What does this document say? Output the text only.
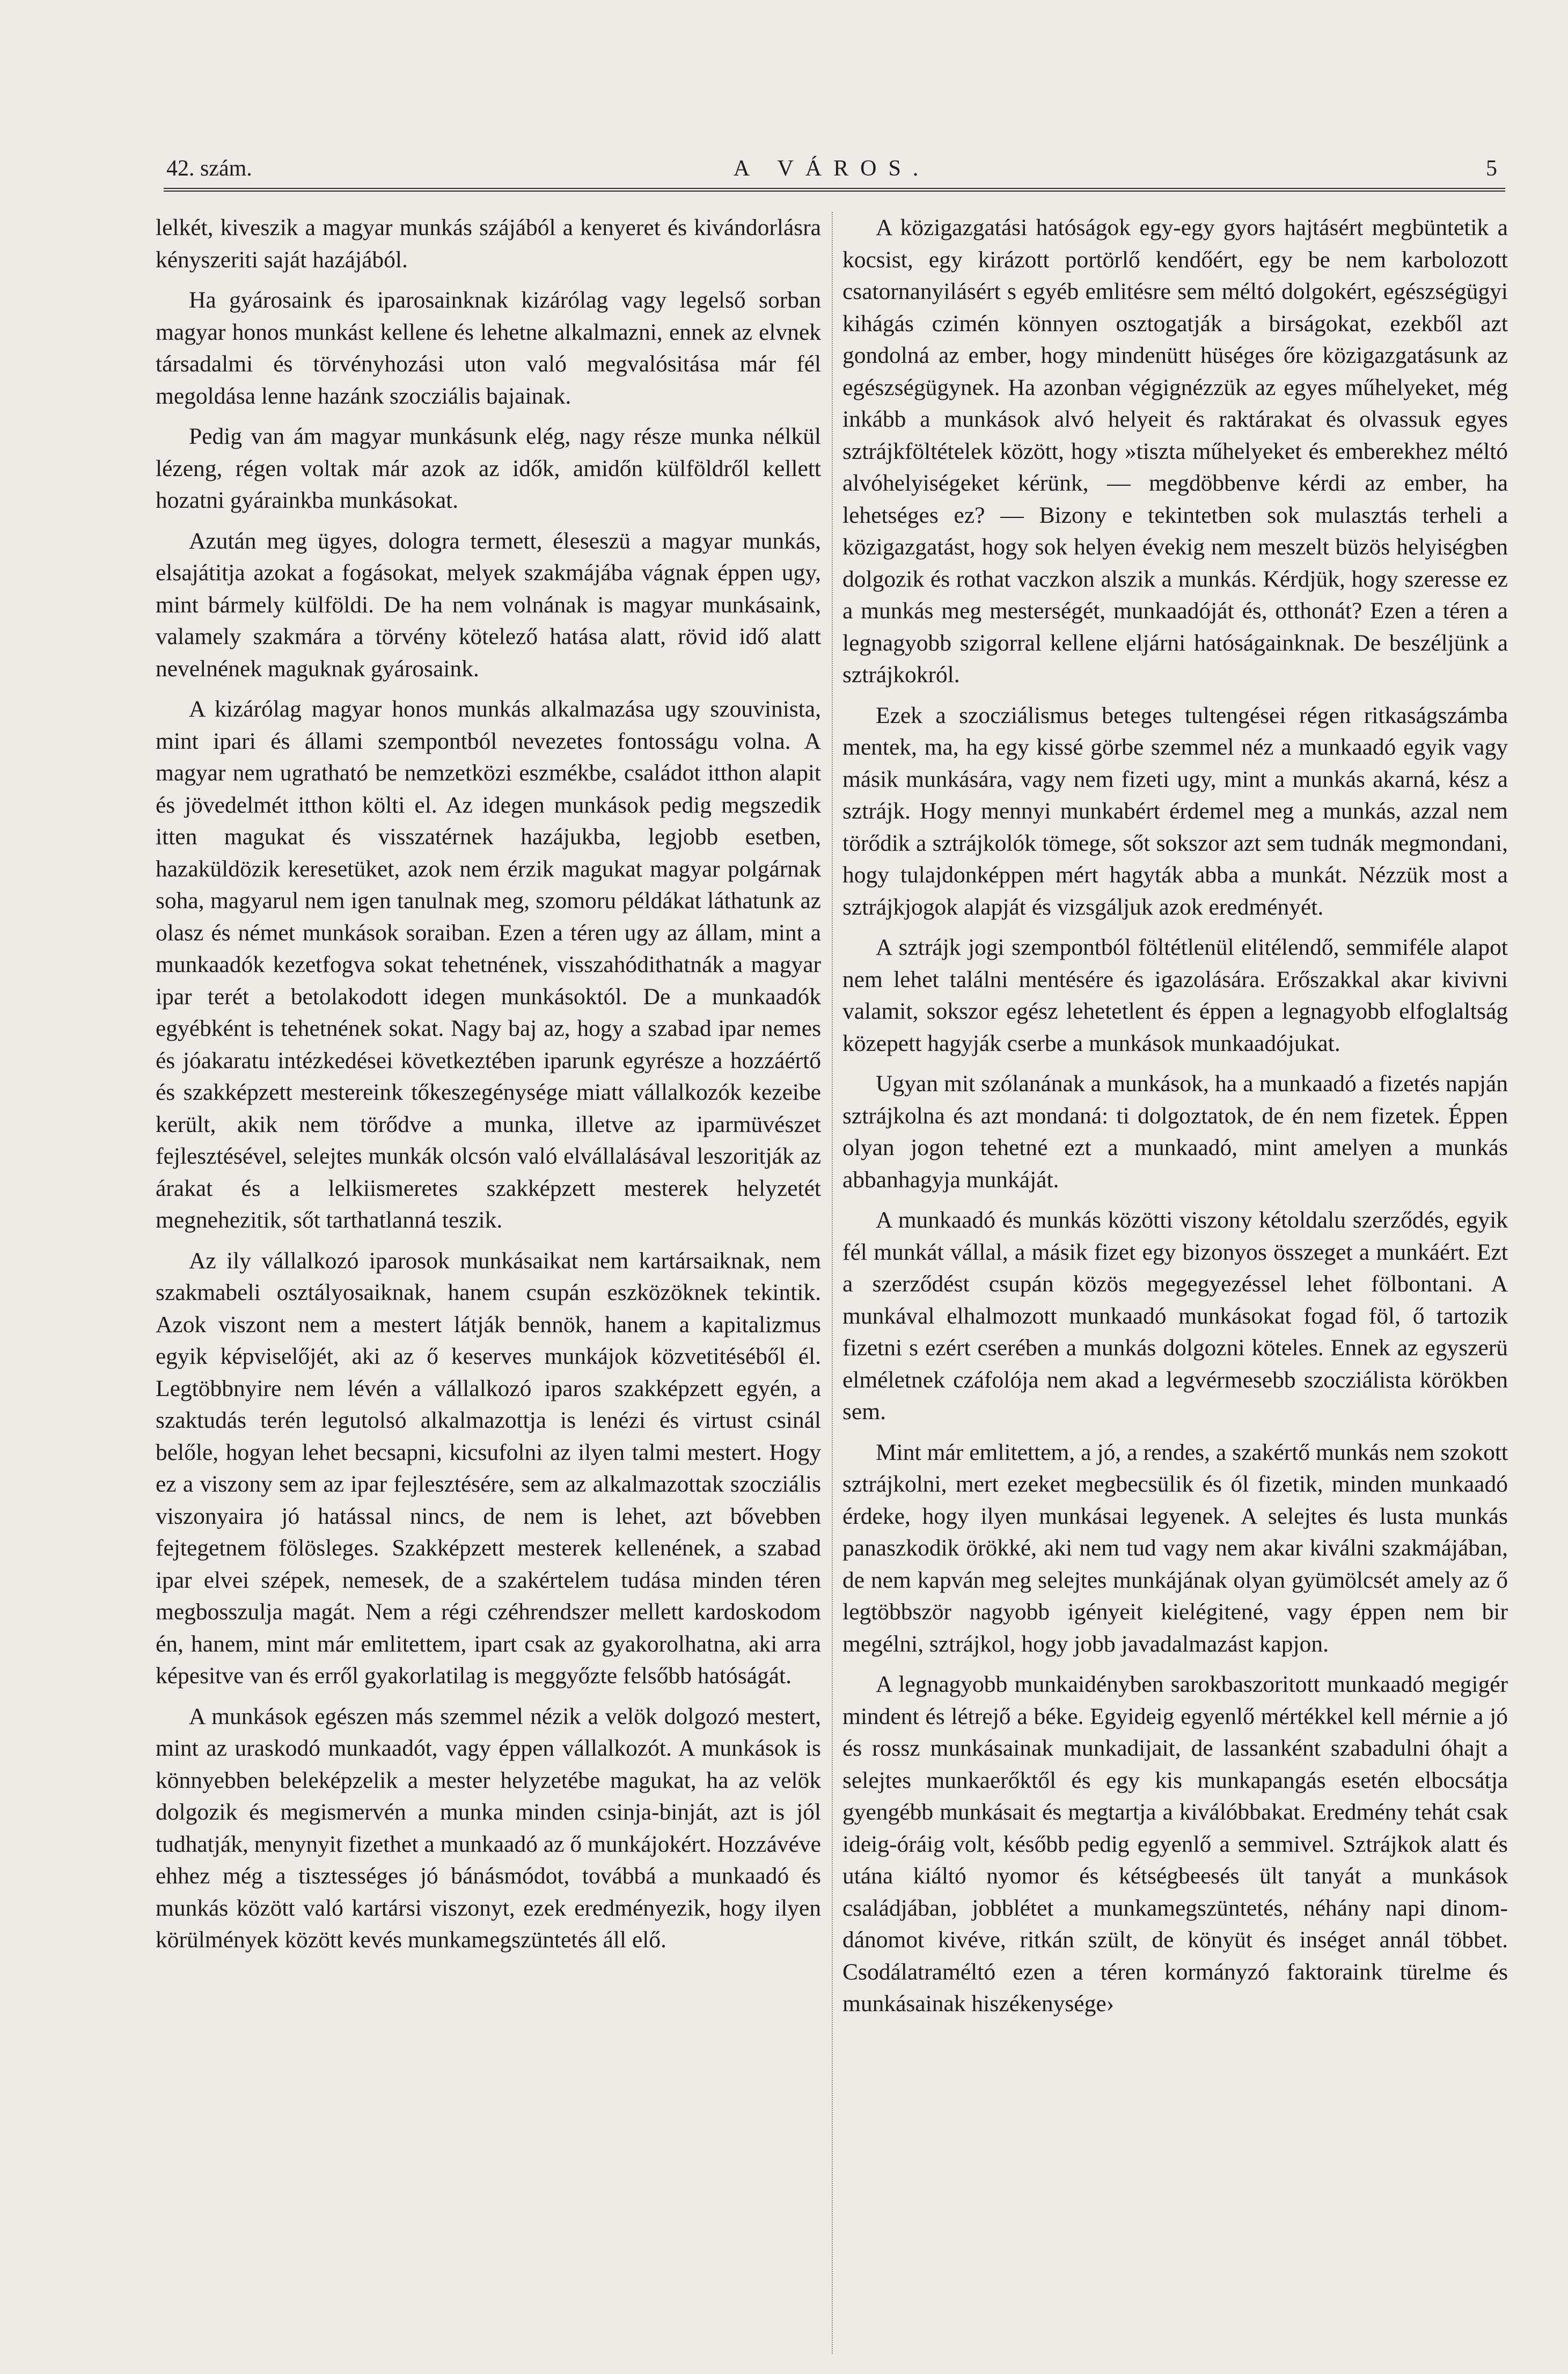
42. szám.	A VÁROS.	5

lelkét, kiveszik a magyar munkás szájából a kenyeret és kivándorlásra kényszeriti saját hazájából.

Ha gyárosaink és iparosainknak kizárólag vagy legelső sorban magyar honos munkást kellene és lehetne alkalmazni, ennek az elvnek társadalmi és törvényhozási uton való megvalósitása már fél megoldása lenne hazánk szocziális bajainak.

Pedig van ám magyar munkásunk elég, nagy része munka nélkül lézeng, régen voltak már azok az idők, amidőn külföldről kellett hozatni gyárainkba munkásokat.

Azután meg ügyes, dologra termett, éleseszü a magyar munkás, elsajátitja azokat a fogásokat, melyek szakmájába vágnak éppen ugy, mint bármely külföldi. De ha nem volnának is magyar munkásaink, valamely szakmára a törvény kötelező hatása alatt, rövid idő alatt nevelnének maguknak gyárosaink.

A kizárólag magyar honos munkás alkalmazása ugy szouvinista, mint ipari és állami szempontból nevezetes fontosságu volna. A magyar nem ugratható be nemzetközi eszmékbe, családot itthon alapit és jövedelmét itthon költi el. Az idegen munkások pedig megszedik itten magukat és visszatérnek hazájukba, legjobb esetben, hazaküldözik keresetüket, azok nem érzik magukat magyar polgárnak soha, magyarul nem igen tanulnak meg, szomoru példákat láthatunk az olasz és német munkások soraiban. Ezen a téren ugy az állam, mint a munkaadók kezetfogva sokat tehetnének, visszahódithatnák a magyar ipar terét a betolakodott idegen munkásoktól. De a munkaadók egyébként is tehetnének sokat. Nagy baj az, hogy a szabad ipar nemes és jóakaratu intézkedései következtében iparunk egyrésze a hozzáértő és szakképzett mestereink tőkeszegénysége miatt vállalkozók kezeibe került, akik nem törődve a munka, illetve az iparmüvészet fejlesztésével, selejtes munkák olcsón való elvállalásával leszoritják az árakat és a lelkiismeretes szakképzett mesterek helyzetét megnehezitik, sőt tarthatlanná teszik.

Az ily vállalkozó iparosok munkásaikat nem kartársaiknak, nem szakmabeli osztályosaiknak, hanem csupán eszközöknek tekintik. Azok viszont nem a mestert látják bennök, hanem a kapitalizmus egyik képviselőjét, aki az ő keserves munkájok közvetitéséből él. Legtöbbnyire nem lévén a vállalkozó iparos szakképzett egyén, a szaktudás terén legutolsó alkalmazottja is lenézi és virtust csinál belőle, hogyan lehet becsapni, kicsufolni az ilyen talmi mestert. Hogy ez a viszony sem az ipar fejlesztésére, sem az alkalmazottak szocziális viszonyaira jó hatással nincs, de nem is lehet, azt bővebben fejtegetnem fölösleges. Szakképzett mesterek kellenének, a szabad ipar elvei szépek, nemesek, de a szakértelem tudása minden téren megbosszulja magát. Nem a régi czéhrendszer mellett kardoskodom én, hanem, mint már emlitettem, ipart csak az gyakorolhatna, aki arra képesitve van és erről gyakorlatilag is meggyőzte felsőbb hatóságát.

A munkások egészen más szemmel nézik a velök dolgozó mestert, mint az uraskodó munkaadót, vagy éppen vállalkozót. A munkások is könnyebben beleképzelik a mester helyzetébe magukat, ha az velök dolgozik és megismervén a munka minden csinja-binját, azt is jól tudhatják, menynyit fizethet a munkaadó az ő munkájokért. Hozzávéve ehhez még a tisztességes jó bánásmódot, továbbá a munkaadó és munkás között való kartársi viszonyt, ezek eredményezik, hogy ilyen körülmények között kevés munkamegszüntetés áll elő.

A közigazgatási hatóságok egy-egy gyors hajtásért megbüntetik a kocsist, egy kirázott portörlő kendőért, egy be nem karbolozott csatornanyilásért s egyéb emlitésre sem méltó dolgokért, egészségügyi kihágás czimén könnyen osztogatják a birságokat, ezekből azt gondolná az ember, hogy mindenütt hüséges őre közigazgatásunk az egészségügynek. Ha azonban végignézzük az egyes műhelyeket, még inkább a munkások alvó helyeit és raktárakat és olvassuk egyes sztrájkföltételek között, hogy »tiszta műhelyeket és emberekhez méltó alvóhelyiségeket kérünk, — megdöbbenve kérdi az ember, ha lehetséges ez? — Bizony e tekintetben sok mulasztás terheli a közigazgatást, hogy sok helyen évekig nem meszelt büzös helyiségben dolgozik és rothat vaczkon alszik a munkás. Kérdjük, hogy szeresse ez a munkás meg mesterségét, munkaadóját és, otthonát? Ezen a téren a legnagyobb szigorral kellene eljárni hatóságainknak. De beszéljünk a sztrájkokról.

Ezek a szocziálismus beteges tultengései régen ritkaságszámba mentek, ma, ha egy kissé görbe szemmel néz a munkaadó egyik vagy másik munkására, vagy nem fizeti ugy, mint a munkás akarná, kész a sztrájk. Hogy mennyi munkabért érdemel meg a munkás, azzal nem törődik a sztrájkolók tömege, sőt sokszor azt sem tudnák megmondani, hogy tulajdonképpen mért hagyták abba a munkát. Nézzük most a sztrájkjogok alapját és vizsgáljuk azok eredményét.

A sztrájk jogi szempontból föltétlenül elitélendő, semmiféle alapot nem lehet találni mentésére és igazolására. Erőszakkal akar kivivni valamit, sokszor egész lehetetlent és éppen a legnagyobb elfoglaltság közepett hagyják cserbe a munkások munkaadójukat.

Ugyan mit szólanának a munkások, ha a munkaadó a fizetés napján sztrájkolna és azt mondaná: ti dolgoztatok, de én nem fizetek. Éppen olyan jogon tehetné ezt a munkaadó, mint amelyen a munkás abbanhagyja munkáját.

A munkaadó és munkás közötti viszony kétoldalu szerződés, egyik fél munkát vállal, a másik fizet egy bizonyos összeget a munkáért. Ezt a szerződést csupán közös megegyezéssel lehet fölbontani. A munkával elhalmozott munkaadó munkásokat fogad föl, ő tartozik fizetni s ezért cserében a munkás dolgozni köteles. Ennek az egyszerü elméletnek czáfolója nem akad a legvérmesebb szocziálista körökben sem.

Mint már emlitettem, a jó, a rendes, a szakértő munkás nem szokott sztrájkolni, mert ezeket megbecsülik és ól fizetik, minden munkaadó érdeke, hogy ilyen munkásai legyenek. A selejtes és lusta munkás panaszkodik örökké, aki nem tud vagy nem akar kiválni szakmájában, de nem kapván meg selejtes munkájának olyan gyümölcsét amely az ő legtöbbször nagyobb igényeit kielégitené, vagy éppen nem bir megélni, sztrájkol, hogy jobb javadalmazást kapjon.

A legnagyobb munkaidényben sarokbaszoritott munkaadó megigér mindent és létrejő a béke. Egyideig egyenlő mértékkel kell mérnie a jó és rossz munkásainak munkadijait, de lassanként szabadulni óhajt a selejtes munkaerőktől és egy kis munkapangás esetén elbocsátja gyengébb munkásait és megtartja a kiválóbbakat. Eredmény tehát csak ideig-óráig volt, később pedig egyenlő a semmivel. Sztrájkok alatt és utána kiáltó nyomor és kétségbeesés ült tanyát a munkások családjában, jobblétet a munkamegszüntetés, néhány napi dinom-dánomot kivéve, ritkán szült, de könyüt és inséget annál többet. Csodálatraméltó ezen a téren kormányzó faktoraink türelme és munkásainak hiszékenysége›
